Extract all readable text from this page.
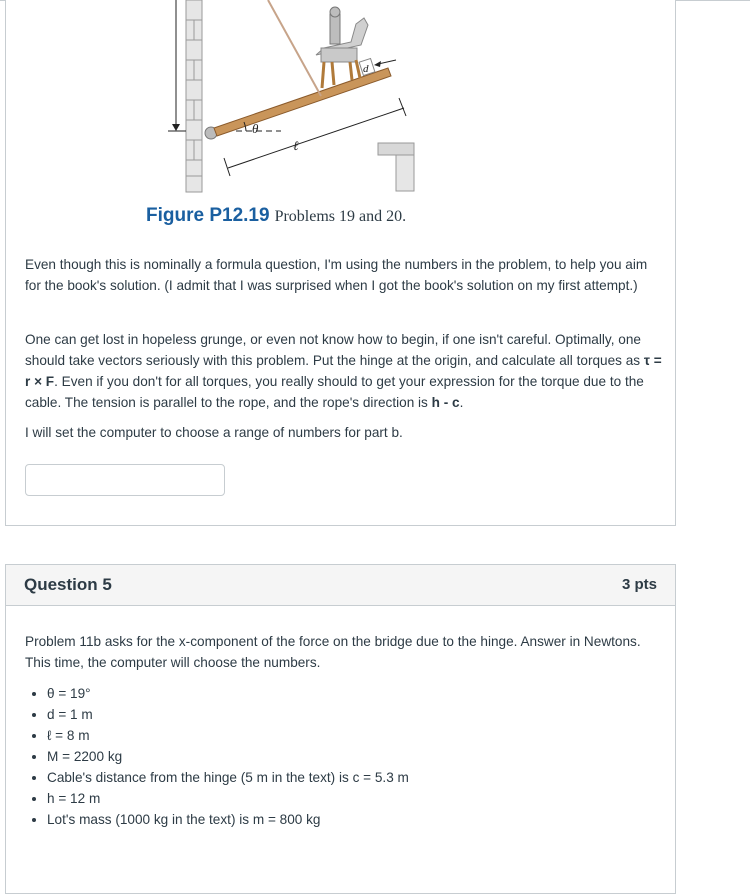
θ
d
ℓ
Figure P12.19 Problems 19 and 20.

Even though this is nominally a formula question, I'm using the numbers in the problem, to help you aim for the book's solution. (I admit that I was surprised when I got the book's solution on my first attempt.)

One can get lost in hopeless grunge, or even not know how to begin, if one isn't careful. Optimally, one should take vectors seriously with this problem. Put the hinge at the origin, and calculate all torques as τ = r × F. Even if you don't for all torques, you really should to get your expression for the torque due to the cable. The tension is parallel to the rope, and the rope's direction is h - c.

I will set the computer to choose a range of numbers for part b.

Question 5	3 pts

Problem 11b asks for the x-component of the force on the bridge due to the hinge. Answer in Newtons. This time, the computer will choose the numbers.

• θ = 19°
• d = 1 m
• ℓ = 8 m
• M = 2200 kg
• Cable's distance from the hinge (5 m in the text) is c = 5.3 m
• h = 12 m
• Lot's mass (1000 kg in the text) is m = 800 kg
